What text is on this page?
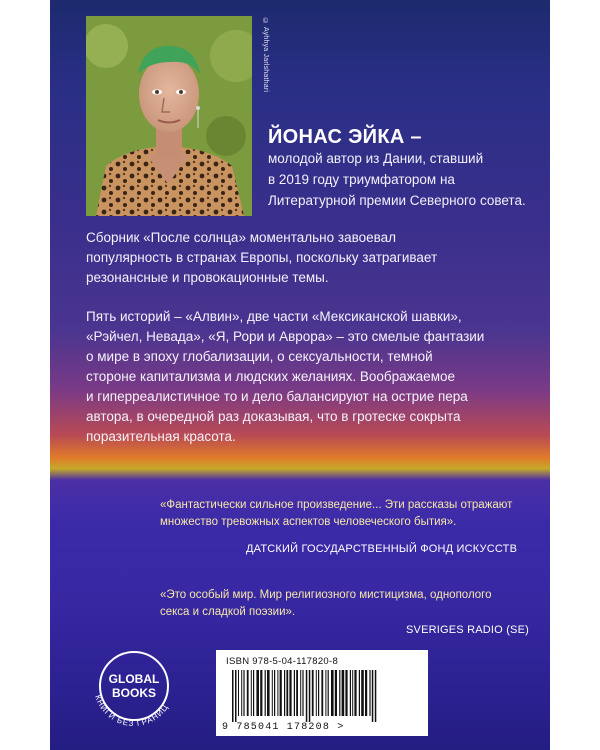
© Ayhhya Jarlshathari
ЙОНАС ЭЙКА –
молодой автор из Дании, ставший
в 2019 году триумфатором на
Литературной премии Северного совета.
Сборник «После солнца» моментально завоевал
популярность в странах Европы, поскольку затрагивает
резонансные и провокационные темы.
Пять историй – «Алвин», две части «Мексиканской шавки»,
«Рэйчел, Невада», «Я, Рори и Аврора» – это смелые фантазии
о мире в эпоху глобализации, о сексуальности, темной
стороне капитализма и людских желаниях. Воображаемое
и гиперреалистичное то и дело балансируют на острие пера
автора, в очередной раз доказывая, что в гротеске сокрыта
поразительная красота.
«Фантастически сильное произведение... Эти рассказы отражают
множество тревожных аспектов человеческого бытия».
ДАТСКИЙ ГОСУДАРСТВЕННЫЙ ФОНД ИСКУССТВ
«Это особый мир. Мир религиозного мистицизма, однополого
секса и сладкой поэзии».
SVERIGES RADIO (SE)
КНИГИ БЕЗ ГРАНИЦ
GLOBAL
BOOKS
ISBN 978-5-04-117820-8
9 785041 178208 >
